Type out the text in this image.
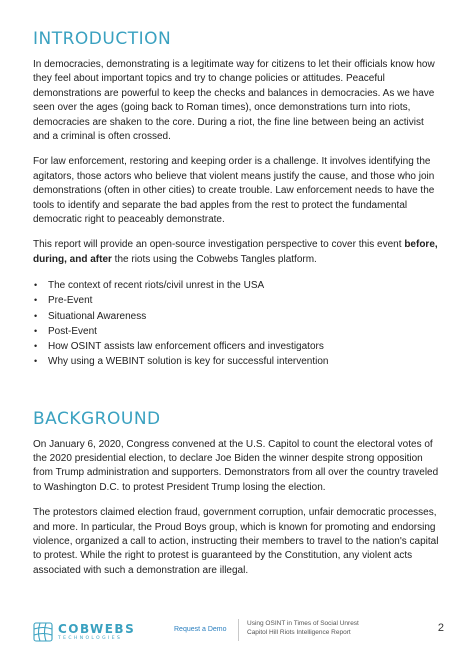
INTRODUCTION

In democracies, demonstrating is a legitimate way for citizens to let their officials know how they feel about important topics and try to change policies or attitudes. Peaceful demonstrations are powerful to keep the checks and balances in democracies. As we have seen over the ages (going back to Roman times), once demonstrations turn into riots, democracies are shaken to the core. During a riot, the fine line between being an activist and a criminal is often crossed.

For law enforcement, restoring and keeping order is a challenge. It involves identifying the agitators, those actors who believe that violent means justify the cause, and those who join demonstrations (often in other cities) to create trouble. Law enforcement needs to have the tools to identify and separate the bad apples from the rest to protect the fundamental democratic right to peaceably demonstrate.

This report will provide an open-source investigation perspective to cover this event before, during, and after the riots using the Cobwebs Tangles platform.

• The context of recent riots/civil unrest in the USA
• Pre-Event
• Situational Awareness
• Post-Event
• How OSINT assists law enforcement officers and investigators
• Why using a WEBINT solution is key for successful intervention
BACKGROUND

On January 6, 2020, Congress convened at the U.S. Capitol to count the electoral votes of the 2020 presidential election, to declare Joe Biden the winner despite strong opposition from Trump administration and supporters. Demonstrators from all over the country traveled to Washington D.C. to protest President Trump losing the election.

The protestors claimed election fraud, government corruption, unfair democratic processes, and more. In particular, the Proud Boys group, which is known for promoting and endorsing violence, organized a call to action, instructing their members to travel to the nation's capital to protest. While the right to protest is guaranteed by the Constitution, any violent acts associated with such a demonstration are illegal.

COBWEBS
TECHNOLOGIES
Request a Demo
Using OSINT in Times of Social Unrest
Capitol Hill Riots Intelligence Report	2
